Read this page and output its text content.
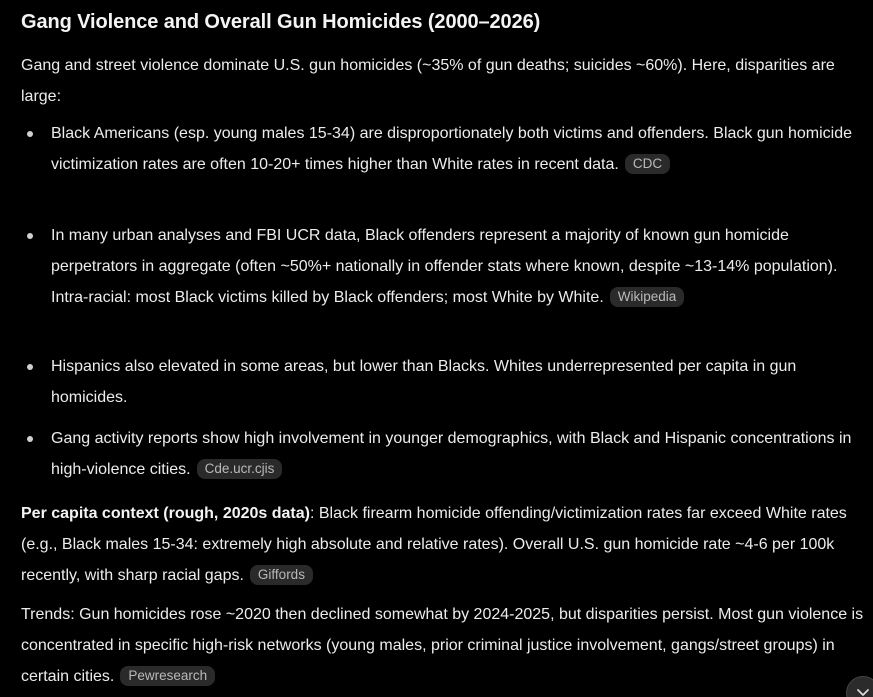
Gang Violence and Overall Gun Homicides (2000–2026)

Gang and street violence dominate U.S. gun homicides (~35% of gun deaths; suicides ~60%). Here, disparities are large:

Black Americans (esp. young males 15-34) are disproportionately both victims and offenders. Black gun homicide victimization rates are often 10-20+ times higher than White rates in recent data. CDC
In many urban analyses and FBI UCR data, Black offenders represent a majority of known gun homicide perpetrators in aggregate (often ~50%+ nationally in offender stats where known, despite ~13-14% population). Intra-racial: most Black victims killed by Black offenders; most White by White. Wikipedia
Hispanics also elevated in some areas, but lower than Blacks. Whites underrepresented per capita in gun homicides.
Gang activity reports show high involvement in younger demographics, with Black and Hispanic concentrations in high-violence cities. Cde.ucr.cjis

Per capita context (rough, 2020s data): Black firearm homicide offending/victimization rates far exceed White rates (e.g., Black males 15-34: extremely high absolute and relative rates). Overall U.S. gun homicide rate ~4-6 per 100k recently, with sharp racial gaps. Giffords

Trends: Gun homicides rose ~2020 then declined somewhat by 2024-2025, but disparities persist. Most gun violence is concentrated in specific high-risk networks (young males, prior criminal justice involvement, gangs/street groups) in certain cities. Pewresearch
